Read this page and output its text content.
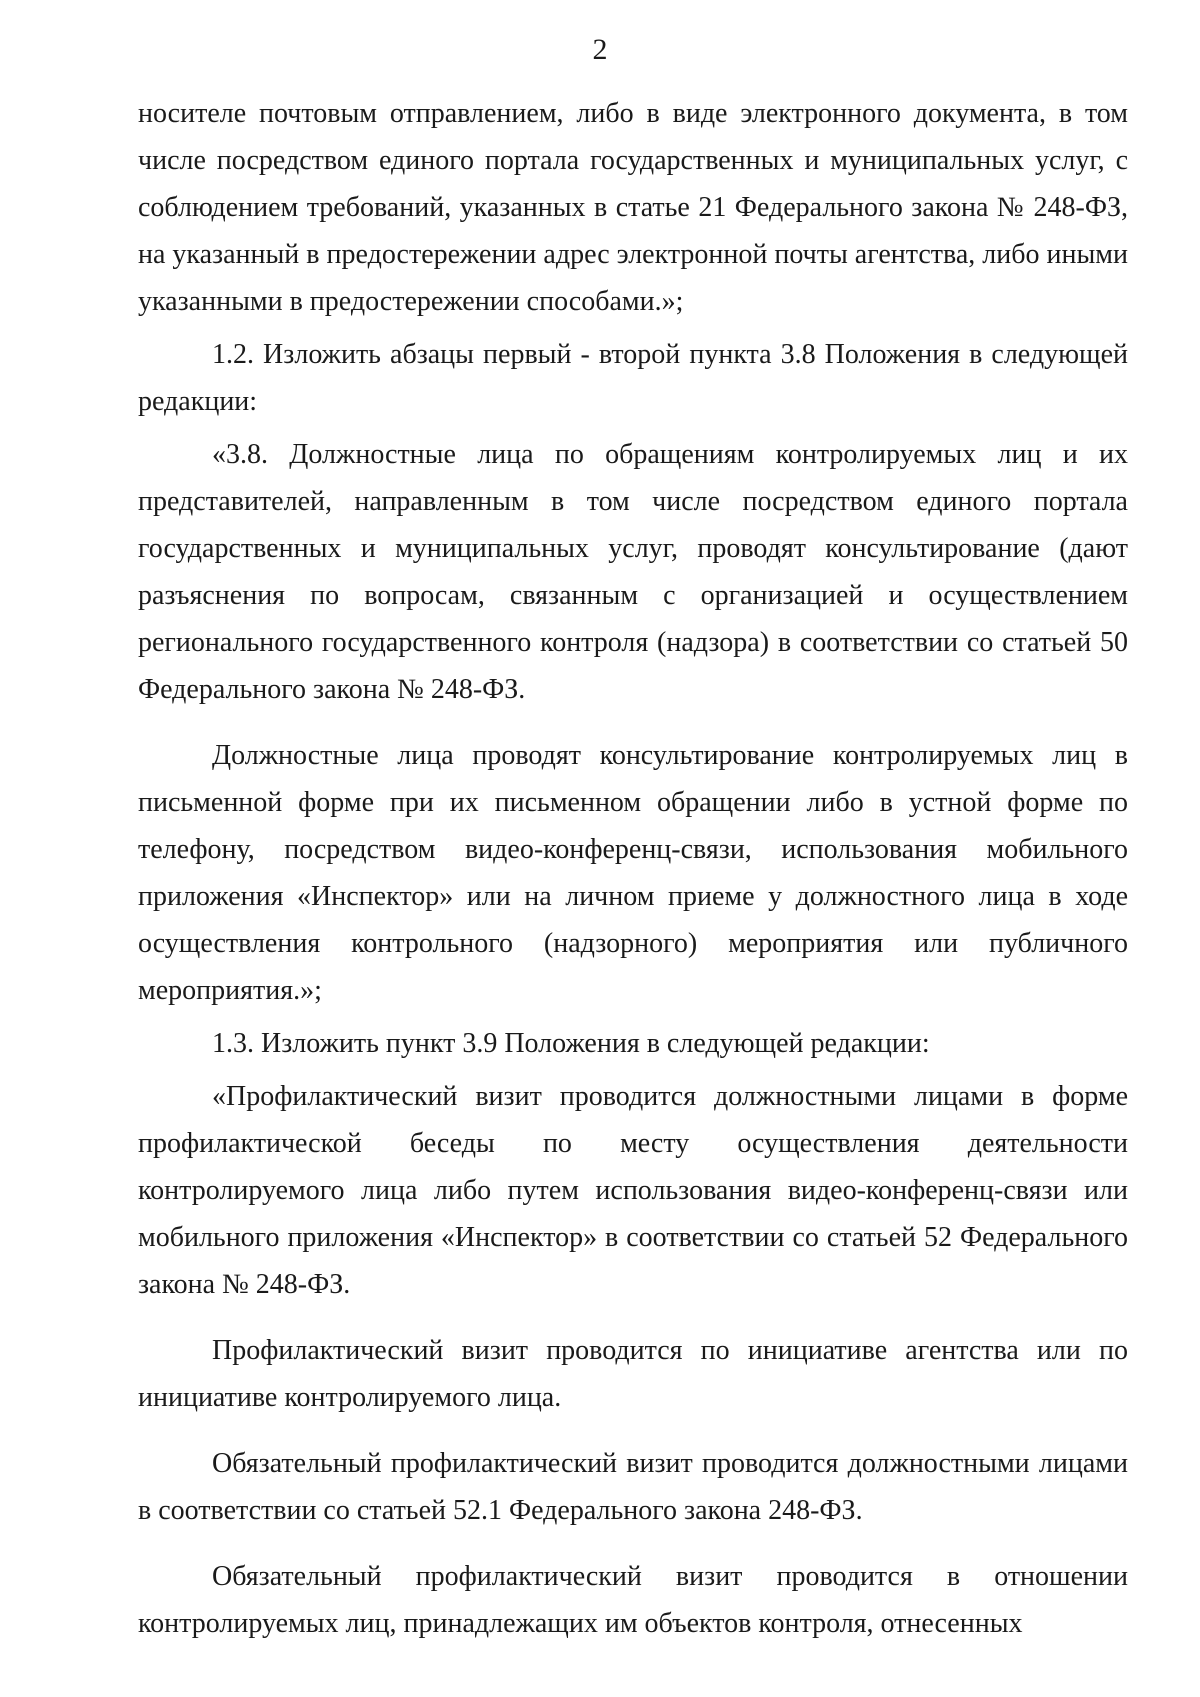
2

носителе почтовым отправлением, либо в виде электронного документа, в том числе посредством единого портала государственных и муниципальных услуг, с соблюдением требований, указанных в статье 21 Федерального закона № 248-ФЗ, на указанный в предостережении адрес электронной почты агентства, либо иными указанными в предостережении способами.»;

1.2. Изложить абзацы первый - второй пункта 3.8 Положения в следующей редакции:

«3.8. Должностные лица по обращениям контролируемых лиц и их представителей, направленным в том числе посредством единого портала государственных и муниципальных услуг, проводят консультирование (дают разъяснения по вопросам, связанным с организацией и осуществлением регионального государственного контроля (надзора) в соответствии со статьей 50 Федерального закона № 248-ФЗ.

Должностные лица проводят консультирование контролируемых лиц в письменной форме при их письменном обращении либо в устной форме по телефону, посредством видео-конференц-связи, использования мобильного приложения «Инспектор» или на личном приеме у должностного лица в ходе осуществления контрольного (надзорного) мероприятия или публичного мероприятия.»;

1.3. Изложить пункт 3.9 Положения в следующей редакции:

«Профилактический визит проводится должностными лицами в форме профилактической беседы по месту осуществления деятельности контролируемого лица либо путем использования видео-конференц-связи или мобильного приложения «Инспектор» в соответствии со статьей 52 Федерального закона № 248-ФЗ.

Профилактический визит проводится по инициативе агентства или по инициативе контролируемого лица.

Обязательный профилактический визит проводится должностными лицами в соответствии со статьей 52.1 Федерального закона 248-ФЗ.

Обязательный профилактический визит проводится в отношении контролируемых лиц, принадлежащих им объектов контроля, отнесенных
